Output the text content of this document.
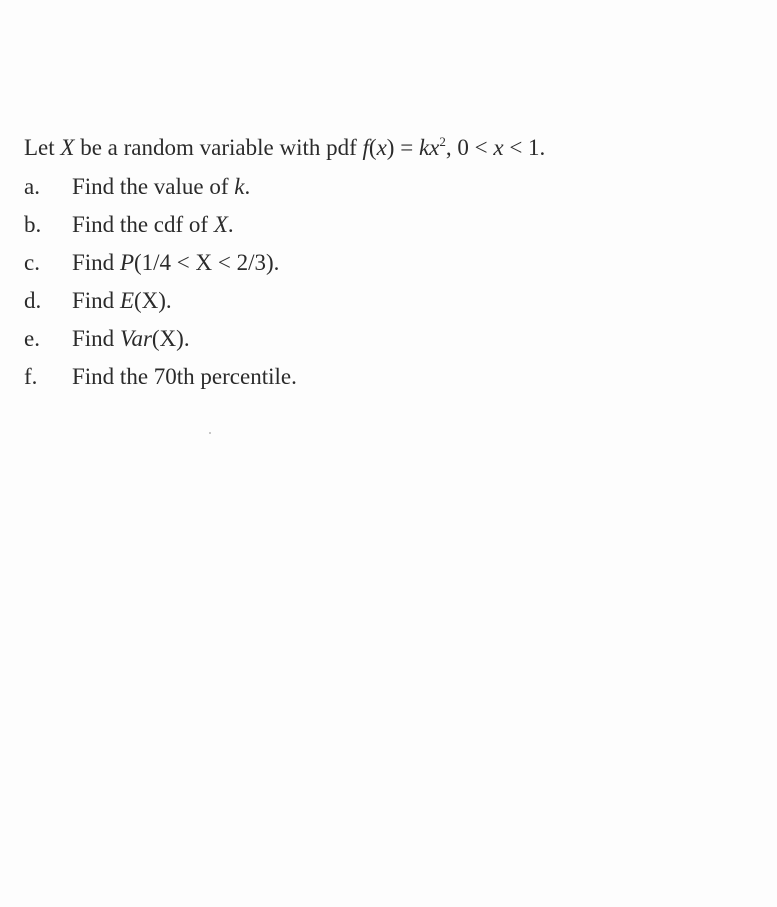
Let X be a random variable with pdf $f(x) = kx^2$, 0 < x < 1.
a.	Find the value of k.
b.	Find the cdf of X.
c.	Find P(1/4 < X < 2/3).
d.	Find E(X).
e.	Find Var(X).
f.	Find the 70th percentile.
